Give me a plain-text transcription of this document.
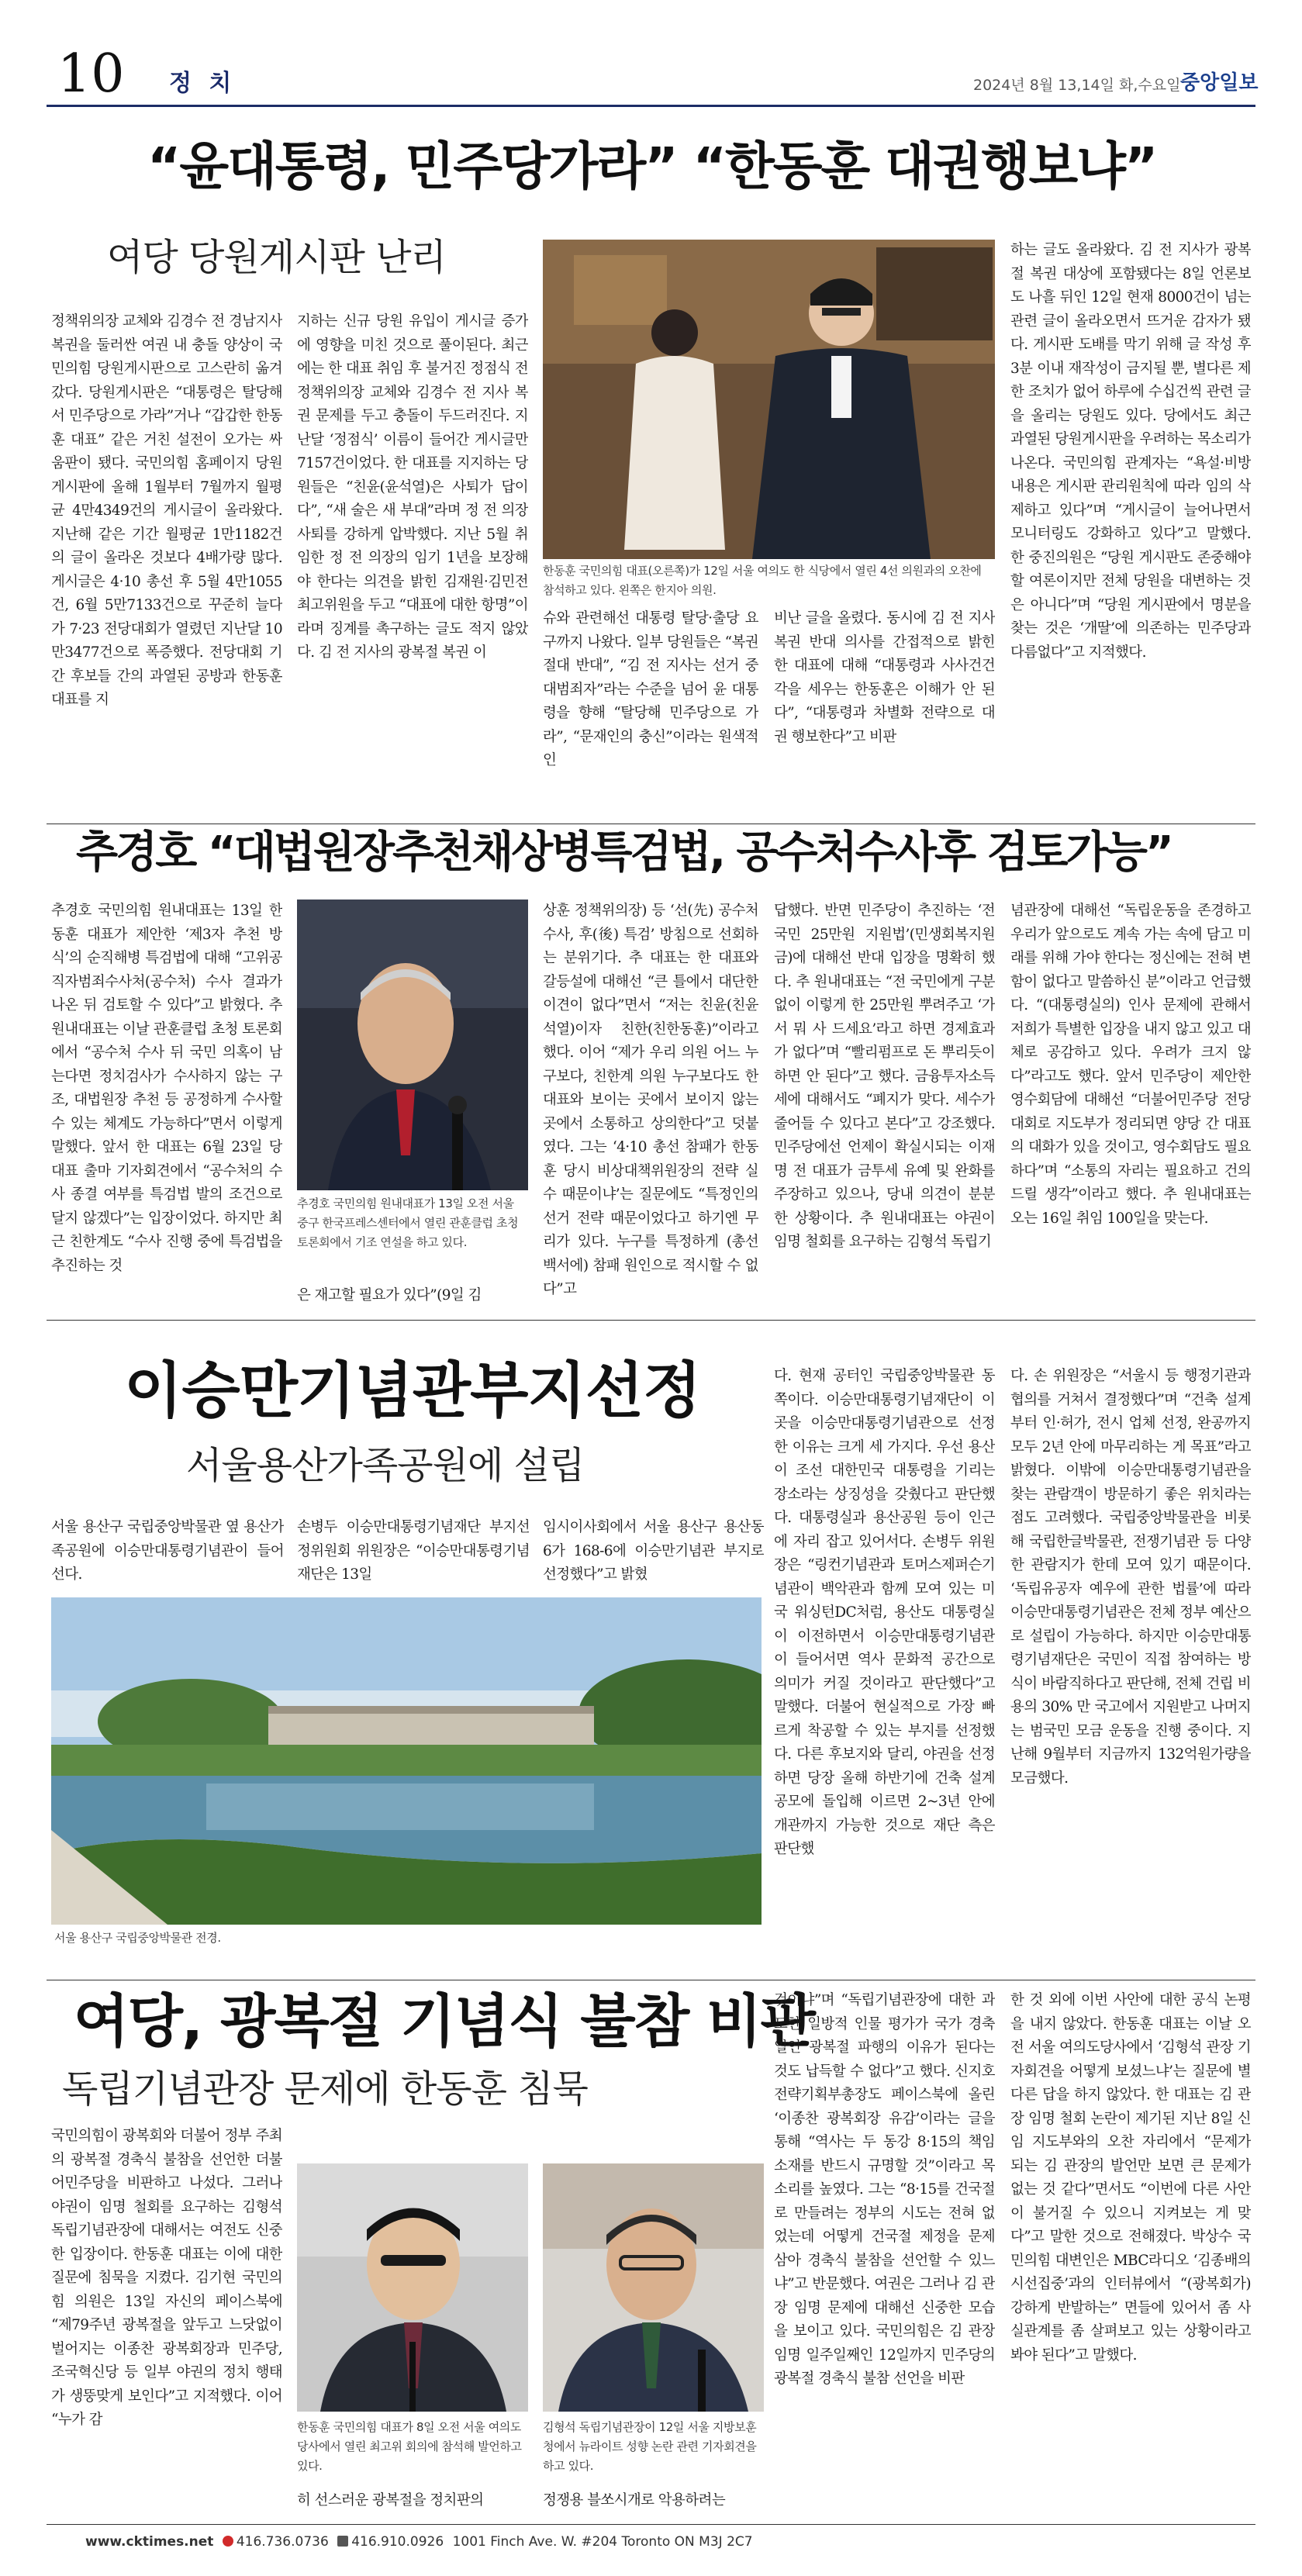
10 정 치	2024년 8월 13,14일 화,수요일 중앙일보
“윤대통령, 민주당가라” “한동훈 대권행보냐”
여당 당원게시판 난리
정책위의장 교체와 김경수 전 경남지사 복권을 둘러싼 여권 내 충돌 양상이 국민의힘 당원게시판으로 고스란히 옮겨갔다. 당원게시판은 “대통령은 탈당해서 민주당으로 가라”거나 “갑갑한 한동훈 대표” 같은 거친 설전이 오가는 싸움판이 됐다. 국민의힘 홈페이지 당원게시판에 올해 1월부터 7월까지 월평균 4만4349건의 게시글이 올라왔다. 지난해 같은 기간 월평균 1만1182건의 글이 올라온 것보다 4배가량 많다. 게시글은 4·10 총선 후 5월 4만1055건, 6월 5만7133건으로 꾸준히 늘다가 7·23 전당대회가 열렸던 지난달 10만3477건으로 폭증했다. 전당대회 기간 후보들 간의 과열된 공방과 한동훈 대표를 지
지하는 신규 당원 유입이 게시글 증가에 영향을 미친 것으로 풀이된다. 최근에는 한 대표 취임 후 불거진 정점식 전 정책위의장 교체와 김경수 전 지사 복권 문제를 두고 충돌이 두드러진다. 지난달 ‘정점식’ 이름이 들어간 게시글만 7157건이었다. 한 대표를 지지하는 당원들은 “친윤(윤석열)은 사퇴가 답이다”, “새 술은 새 부대”라며 정 전 의장 사퇴를 강하게 압박했다. 지난 5월 취임한 정 전 의장의 임기 1년을 보장해야 한다는 의견을 밝힌 김재원·김민전 최고위원을 두고 “대표에 대한 항명”이라며 징계를 촉구하는 글도 적지 않았다. 김 전 지사의 광복절 복권 이
한동훈 국민의힘 대표(오른쪽)가 12일 서울 여의도 한 식당에서 열린 4선 의원과의 오찬에 참석하고 있다. 왼쪽은 한지아 의원.
슈와 관련해선 대통령 탈당·출당 요구까지 나왔다. 일부 당원들은 “복권 절대 반대”, “김 전 지사는 선거 중대범죄자”라는 수준을 넘어 윤 대통령을 향해 “탈당해 민주당으로 가라”, “문재인의 충신”이라는 원색적인
비난 글을 올렸다. 동시에 김 전 지사 복권 반대 의사를 간접적으로 밝힌 한 대표에 대해 “대통령과 사사건건 각을 세우는 한동훈은 이해가 안 된다”, “대통령과 차별화 전략으로 대권 행보한다”고 비판
하는 글도 올라왔다. 김 전 지사가 광복절 복권 대상에 포함됐다는 8일 언론보도 나흘 뒤인 12일 현재 8000건이 넘는 관련 글이 올라오면서 뜨거운 감자가 됐다. 게시판 도배를 막기 위해 글 작성 후 3분 이내 재작성이 금지될 뿐, 별다른 제한 조치가 없어 하루에 수십건씩 관련 글을 올리는 당원도 있다. 당에서도 최근 과열된 당원게시판을 우려하는 목소리가 나온다. 국민의힘 관계자는 “욕설·비방 내용은 게시판 관리원칙에 따라 임의 삭제하고 있다”며 “게시글이 늘어나면서 모니터링도 강화하고 있다”고 말했다. 한 중진의원은 “당원 게시판도 존중해야 할 여론이지만 전체 당원을 대변하는 것은 아니다”며 “당원 게시판에서 명분을 찾는 것은 ‘개딸’에 의존하는 민주당과 다름없다”고 지적했다.
추경호 “대법원장추천채상병특검법, 공수처수사후 검토가능”
추경호 국민의힘 원내대표는 13일 한동훈 대표가 제안한 ‘제3자 추천 방식’의 순직해병 특검법에 대해 “고위공직자범죄수사처(공수처) 수사 결과가 나온 뒤 검토할 수 있다”고 밝혔다. 추 원내대표는 이날 관훈클럽 초청 토론회에서 “공수처 수사 뒤 국민 의혹이 남는다면 정치검사가 수사하지 않는 구조, 대법원장 추천 등 공정하게 수사할 수 있는 체계도 가능하다”면서 이렇게 말했다. 앞서 한 대표는 6월 23일 당 대표 출마 기자회견에서 “공수처의 수사 종결 여부를 특검법 발의 조건으로 달지 않겠다”는 입장이었다. 하지만 최근 친한계도 “수사 진행 중에 특검법을 추진하는 것
추경호 국민의힘 원내대표가 13일 오전 서울 중구 한국프레스센터에서 열린 관훈클럽 초청 토론회에서 기조 연설을 하고 있다.
은 재고할 필요가 있다”(9일 김
상훈 정책위의장) 등 ‘선(先) 공수처 수사, 후(後) 특검’ 방침으로 선회하는 분위기다. 추 대표는 한 대표와 갈등설에 대해선 “큰 틀에서 대단한 이견이 없다”면서 “저는 친윤(친윤석열)이자 친한(친한동훈)”이라고 했다. 이어 “제가 우리 의원 어느 누구보다, 친한계 의원 누구보다도 한 대표와 보이는 곳에서 보이지 않는 곳에서 소통하고 상의한다”고 덧붙였다. 그는 ‘4·10 총선 참패가 한동훈 당시 비상대책위원장의 전략 실수 때문이냐’는 질문에도 “특정인의 선거 전략 때문이었다고 하기엔 무리가 있다. 누구를 특정하게 (총선 백서에) 참패 원인으로 적시할 수 없다”고
답했다. 반면 민주당이 추진하는 ‘전 국민 25만원 지원법’(민생회복지원금)에 대해선 반대 입장을 명확히 했다. 추 원내대표는 “전 국민에게 구분 없이 이렇게 한 25만원 뿌려주고 ‘가서 뭐 사 드세요’라고 하면 경제효과가 없다”며 “빨리펌프로 돈 뿌리듯이 하면 안 된다”고 했다. 금융투자소득세에 대해서도 “폐지가 맞다. 세수가 줄어들 수 있다고 본다”고 강조했다. 민주당에선 언제이 확실시되는 이재명 전 대표가 금투세 유예 및 완화를 주장하고 있으나, 당내 의견이 분분한 상황이다. 추 원내대표는 야권이 임명 철회를 요구하는 김형석 독립기
념관장에 대해선 “독립운동을 존경하고 우리가 앞으로도 계속 가는 속에 담고 미래를 위해 가야 한다는 정신에는 전혀 변함이 없다고 말씀하신 분”이라고 언급했다. “(대통령실의) 인사 문제에 관해서 저희가 특별한 입장을 내지 않고 있고 대체로 공감하고 있다. 우려가 크지 않다”라고도 했다. 앞서 민주당이 제안한 영수회담에 대해선 “더불어민주당 전당대회로 지도부가 정리되면 양당 간 대표의 대화가 있을 것이고, 영수회담도 필요하다”며 “소통의 자리는 필요하고 건의드릴 생각”이라고 했다. 추 원내대표는 오는 16일 취임 100일을 맞는다.
이승만기념관부지선정
서울용산가족공원에 설립
서울 용산구 국립중앙박물관 옆 용산가족공원에 이승만대통령기념관이 들어선다.
손병두 이승만대통령기념재단 부지선정위원회 위원장은 “이승만대통령기념재단은 13일
임시이사회에서 서울 용산구 용산동 6가 168-6에 이승만기념관 부지로 선정했다”고 밝혔
서울 용산구 국립중앙박물관 전경.
다. 현재 공터인 국립중앙박물관 동쪽이다. 이승만대통령기념재단이 이곳을 이승만대통령기념관으로 선정한 이유는 크게 세 가지다. 우선 용산이 조선 대한민국 대통령을 기리는 장소라는 상징성을 갖췄다고 판단했다. 대통령실과 용산공원 등이 인근에 자리 잡고 있어서다. 손병두 위원장은 “링컨기념관과 토머스제퍼슨기념관이 백악관과 함께 모여 있는 미국 워싱턴DC처럼, 용산도 대통령실이 이전하면서 이승만대통령기념관이 들어서면 역사 문화적 공간으로 의미가 커질 것이라고 판단했다”고 말했다. 더불어 현실적으로 가장 빠르게 착공할 수 있는 부지를 선정했다. 다른 후보지와 달리, 야권을 선정하면 당장 올해 하반기에 건축 설계 공모에 돌입해 이르면 2~3년 안에 개관까지 가능한 것으로 재단 측은 판단했
다. 손 위원장은 “서울시 등 행정기관과 협의를 거쳐서 결정했다”며 “건축 설계부터 인·허가, 전시 업체 선정, 완공까지 모두 2년 안에 마무리하는 게 목표”라고 밝혔다. 이밖에 이승만대통령기념관을 찾는 관람객이 방문하기 좋은 위치라는 점도 고려했다. 국립중앙박물관을 비롯해 국립한글박물관, 전쟁기념관 등 다양한 관람지가 한데 모여 있기 때문이다. ‘독립유공자 예우에 관한 법률’에 따라 이승만대통령기념관은 전체 정부 예산으로 설립이 가능하다. 하지만 이승만대통령기념재단은 국민이 직접 참여하는 방식이 바람직하다고 판단해, 전체 건립 비용의 30% 만 국고에서 지원받고 나머지는 범국민 모금 운동을 진행 중이다. 지난해 9월부터 지금까지 132억원가량을 모금했다.
여당, 광복절 기념식 불참 비판
독립기념관장 문제에 한동훈 침묵
국민의힘이 광복회와 더불어 정부 주최의 광복절 경축식 불참을 선언한 더불어민주당을 비판하고 나섰다. 그러나 야권이 임명 철회를 요구하는 김형석 독립기념관장에 대해서는 여전도 신중한 입장이다. 한동훈 대표는 이에 대한 질문에 침묵을 지켰다. 김기현 국민의힘 의원은 13일 자신의 페이스북에 “제79주년 광복절을 앞두고 느닷없이 벌어지는 이종찬 광복회장과 민주당, 조국혁신당 등 일부 야권의 정치 행태가 생뚱맞게 보인다”고 지적했다. 이어 “누가 감	한동훈 국민의힘 대표가 8일 오전 서울 여의도 당사에서 열린 최고위 회의에 참석해 발언하고 있다.
김형석 독립기념관장이 12일 서울 지방보훈청에서 뉴라이트 성향 논란 관련 기자회견을 하고 있다.
히 선스러운 광복절을 정치판의	정쟁용 블쏘시개로 악용하려는
것이냐”며 “독립기념관장에 대한 과도한 일방적 인물 평가가 국가 경축일인 광복절 파행의 이유가 된다는 것도 납득할 수 없다”고 했다. 신지호 전략기획부총장도 페이스북에 올린 ‘이종찬 광복회장 유감’이라는 글을 통해 “역사는 두 동강 8·15의 책임 소재를 반드시 규명할 것”이라고 목소리를 높였다. 그는 “8·15를 건국절로 만들려는 정부의 시도는 전혀 없었는데 어떻게 건국절 제정을 문제 삼아 경축식 불참을 선언할 수 있느냐”고 반문했다. 여권은 그러나 김 관장 임명 문제에 대해선 신중한 모습을 보이고 있다. 국민의힘은 김 관장 임명 일주일째인 12일까지 민주당의 광복절 경축식 불참 선언을 비판
한 것 외에 이번 사안에 대한 공식 논평을 내지 않았다. 한동훈 대표는 이날 오전 서울 여의도당사에서 ‘김형석 관장 기자회견을 어떻게 보셨느냐’는 질문에 별다른 답을 하지 않았다. 한 대표는 김 관장 임명 철회 논란이 제기된 지난 8일 신임 지도부와의 오찬 자리에서 “문제가 되는 김 관장의 발언만 보면 큰 문제가 없는 것 같다”면서도 “이번에 다른 사안이 불거질 수 있으니 지켜보는 게 맞다”고 말한 것으로 전해졌다. 박상수 국민의힘 대변인은 MBC라디오 ‘김종배의 시선집중’과의 인터뷰에서 “(광복회가) 강하게 반발하는” 면들에 있어서 좀 사실관계를 좀 살펴보고 있는 상황이라고 봐야 된다”고 말했다.
www.cktimes.net 416.736.0736 416.910.0926 1001 Finch Ave. W. #204 Toronto ON M3J 2C7
